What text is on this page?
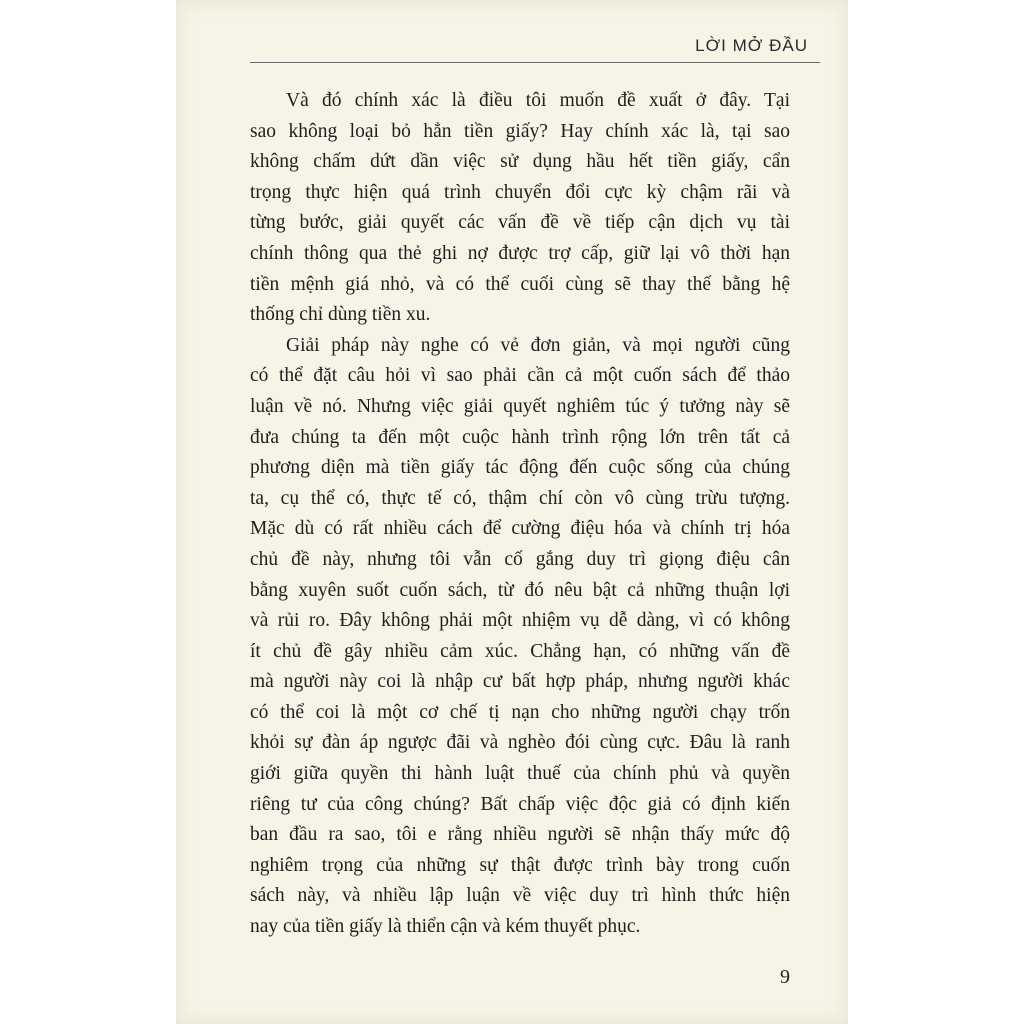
LỜI MỞ ĐẦU
Và đó chính xác là điều tôi muốn đề xuất ở đây. Tại
sao không loại bỏ hẳn tiền giấy? Hay chính xác là, tại sao
không chấm dứt dần việc sử dụng hầu hết tiền giấy, cẩn
trọng thực hiện quá trình chuyển đổi cực kỳ chậm rãi và
từng bước, giải quyết các vấn đề về tiếp cận dịch vụ tài
chính thông qua thẻ ghi nợ được trợ cấp, giữ lại vô thời hạn
tiền mệnh giá nhỏ, và có thể cuối cùng sẽ thay thế bằng hệ
thống chỉ dùng tiền xu.
Giải pháp này nghe có vẻ đơn giản, và mọi người cũng
có thể đặt câu hỏi vì sao phải cần cả một cuốn sách để thảo
luận về nó. Nhưng việc giải quyết nghiêm túc ý tưởng này sẽ
đưa chúng ta đến một cuộc hành trình rộng lớn trên tất cả
phương diện mà tiền giấy tác động đến cuộc sống của chúng
ta, cụ thể có, thực tế có, thậm chí còn vô cùng trừu tượng.
Mặc dù có rất nhiều cách để cường điệu hóa và chính trị hóa
chủ đề này, nhưng tôi vẫn cố gắng duy trì giọng điệu cân
bằng xuyên suốt cuốn sách, từ đó nêu bật cả những thuận lợi
và rủi ro. Đây không phải một nhiệm vụ dễ dàng, vì có không
ít chủ đề gây nhiều cảm xúc. Chẳng hạn, có những vấn đề
mà người này coi là nhập cư bất hợp pháp, nhưng người khác
có thể coi là một cơ chế tị nạn cho những người chạy trốn
khỏi sự đàn áp ngược đãi và nghèo đói cùng cực. Đâu là ranh
giới giữa quyền thi hành luật thuế của chính phủ và quyền
riêng tư của công chúng? Bất chấp việc độc giả có định kiến
ban đầu ra sao, tôi e rằng nhiều người sẽ nhận thấy mức độ
nghiêm trọng của những sự thật được trình bày trong cuốn
sách này, và nhiều lập luận về việc duy trì hình thức hiện
nay của tiền giấy là thiển cận và kém thuyết phục.
9
